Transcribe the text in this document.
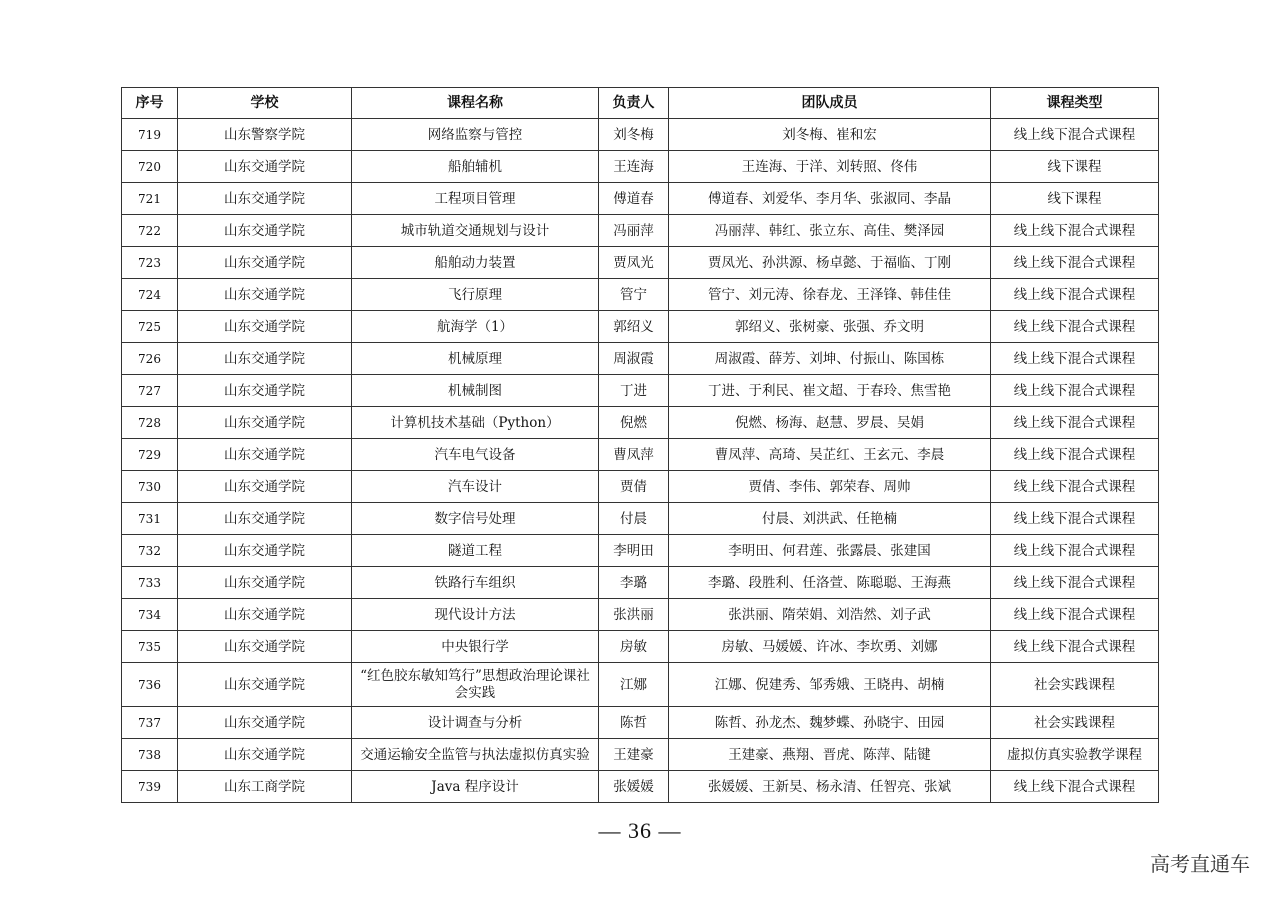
序号	学校	课程名称	负责人	团队成员	课程类型
719	山东警察学院	网络监察与管控	刘冬梅	刘冬梅、崔和宏	线上线下混合式课程
720	山东交通学院	船舶辅机	王连海	王连海、于洋、刘转照、佟伟	线下课程
721	山东交通学院	工程项目管理	傅道春	傅道春、刘爱华、李月华、张淑同、李晶	线下课程
722	山东交通学院	城市轨道交通规划与设计	冯丽萍	冯丽萍、韩红、张立东、高佳、樊泽园	线上线下混合式课程
723	山东交通学院	船舶动力装置	贾凤光	贾凤光、孙洪源、杨卓懿、于福临、丁刚	线上线下混合式课程
724	山东交通学院	飞行原理	管宁	管宁、刘元涛、徐春龙、王泽锋、韩佳佳	线上线下混合式课程
725	山东交通学院	航海学（1）	郭绍义	郭绍义、张树豪、张强、乔文明	线上线下混合式课程
726	山东交通学院	机械原理	周淑霞	周淑霞、薛芳、刘坤、付振山、陈国栋	线上线下混合式课程
727	山东交通学院	机械制图	丁进	丁进、于利民、崔文超、于春玲、焦雪艳	线上线下混合式课程
728	山东交通学院	计算机技术基础（Python）	倪燃	倪燃、杨海、赵慧、罗晨、吴娟	线上线下混合式课程
729	山东交通学院	汽车电气设备	曹凤萍	曹凤萍、高琦、吴芷红、王玄元、李晨	线上线下混合式课程
730	山东交通学院	汽车设计	贾倩	贾倩、李伟、郭荣春、周帅	线上线下混合式课程
731	山东交通学院	数字信号处理	付晨	付晨、刘洪武、任艳楠	线上线下混合式课程
732	山东交通学院	隧道工程	李明田	李明田、何君莲、张露晨、张建国	线上线下混合式课程
733	山东交通学院	铁路行车组织	李璐	李璐、段胜利、任洛萱、陈聪聪、王海燕	线上线下混合式课程
734	山东交通学院	现代设计方法	张洪丽	张洪丽、隋荣娟、刘浩然、刘子武	线上线下混合式课程
735	山东交通学院	中央银行学	房敏	房敏、马媛媛、许冰、李坎勇、刘娜	线上线下混合式课程
736	山东交通学院	“红色胶东敏知笃行”思想政治理论课社会实践	江娜	江娜、倪建秀、邹秀娥、王晓冉、胡楠	社会实践课程
737	山东交通学院	设计调查与分析	陈哲	陈哲、孙龙杰、魏梦蝶、孙晓宇、田园	社会实践课程
738	山东交通学院	交通运输安全监管与执法虚拟仿真实验	王建豪	王建豪、燕翔、晋虎、陈萍、陆键	虚拟仿真实验教学课程
739	山东工商学院	Java 程序设计	张媛媛	张媛媛、王新昊、杨永清、任智亮、张斌	线上线下混合式课程
— 36 —
高考直通车
